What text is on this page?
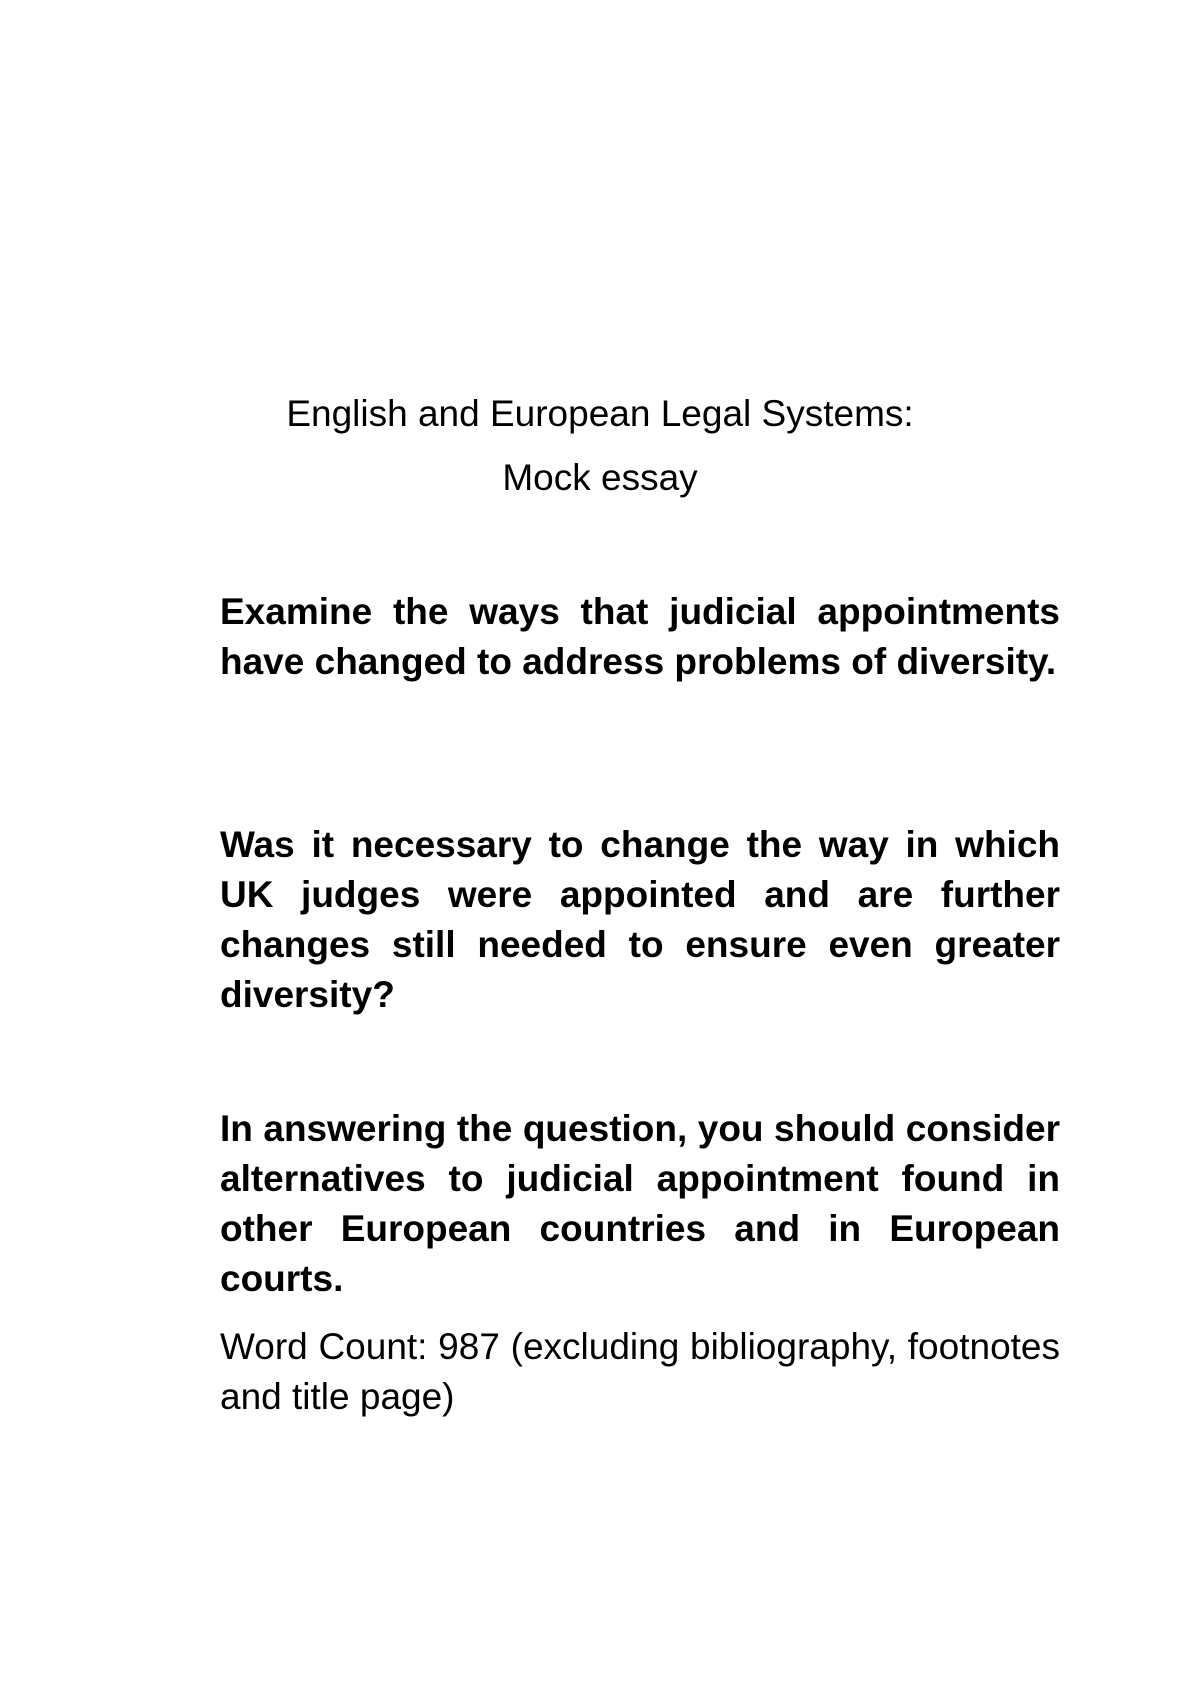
English and European Legal Systems:
Mock essay

Examine the ways that judicial appointments have changed to address problems of diversity.

Was it necessary to change the way in which UK judges were appointed and are further changes still needed to ensure even greater diversity?

In answering the question, you should consider alternatives to judicial appointment found in other European countries and in European courts.

Word Count: 987 (excluding bibliography, footnotes and title page)
